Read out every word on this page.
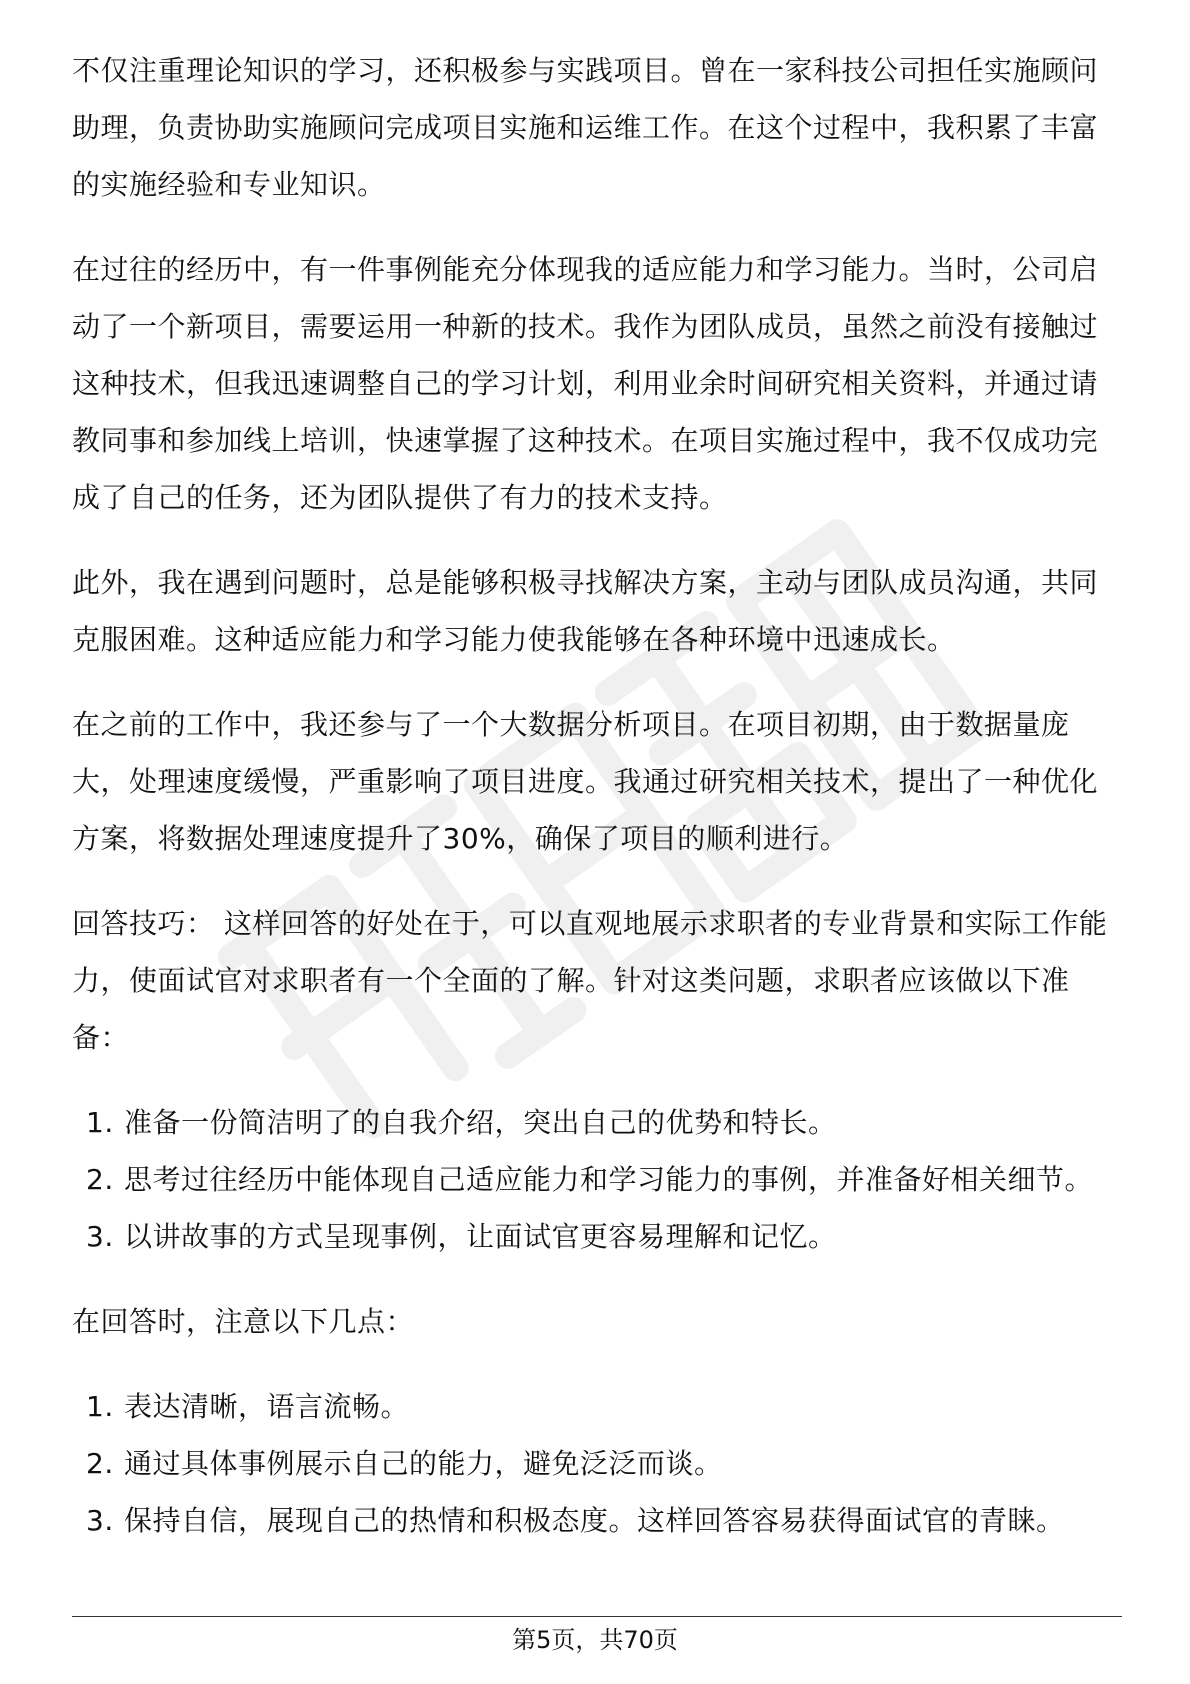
不仅注重理论知识的学习，还积极参与实践项目。曾在一家科技公司担任实施顾问助理，负责协助实施顾问完成项目实施和运维工作。在这个过程中，我积累了丰富的实施经验和专业知识。

在过往的经历中，有一件事例能充分体现我的适应能力和学习能力。当时，公司启动了一个新项目，需要运用一种新的技术。我作为团队成员，虽然之前没有接触过这种技术，但我迅速调整自己的学习计划，利用业余时间研究相关资料，并通过请教同事和参加线上培训，快速掌握了这种技术。在项目实施过程中，我不仅成功完成了自己的任务，还为团队提供了有力的技术支持。

此外，我在遇到问题时，总是能够积极寻找解决方案，主动与团队成员沟通，共同克服困难。这种适应能力和学习能力使我能够在各种环境中迅速成长。

在之前的工作中，我还参与了一个大数据分析项目。在项目初期，由于数据量庞大，处理速度缓慢，严重影响了项目进度。我通过研究相关技术，提出了一种优化方案，将数据处理速度提升了30%，确保了项目的顺利进行。

回答技巧： 这样回答的好处在于，可以直观地展示求职者的专业背景和实际工作能力，使面试官对求职者有一个全面的了解。针对这类问题，求职者应该做以下准备：

1. 准备一份简洁明了的自我介绍，突出自己的优势和特长。
2. 思考过往经历中能体现自己适应能力和学习能力的事例，并准备好相关细节。
3. 以讲故事的方式呈现事例，让面试官更容易理解和记忆。

在回答时，注意以下几点：

1. 表达清晰，语言流畅。
2. 通过具体事例展示自己的能力，避免泛泛而谈。
3. 保持自信，展现自己的热情和积极态度。这样回答容易获得面试官的青睐。
第5页，共70页
